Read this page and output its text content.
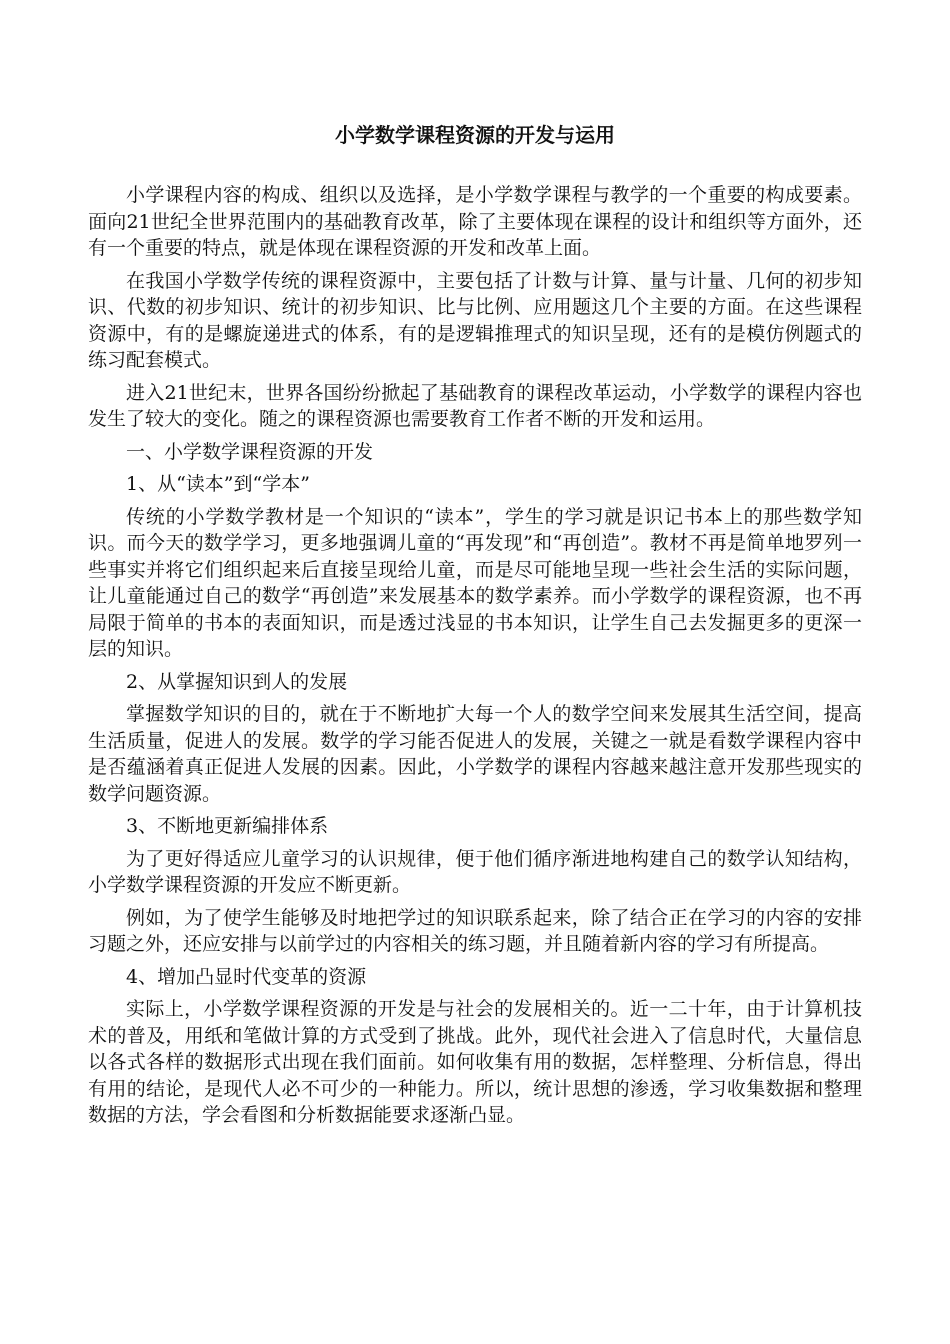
小学数学课程资源的开发与运用

小学课程内容的构成、组织以及选择，是小学数学课程与教学的一个重要的构成要素。面向21世纪全世界范围内的基础教育改革，除了主要体现在课程的设计和组织等方面外，还有一个重要的特点，就是体现在课程资源的开发和改革上面。

在我国小学数学传统的课程资源中，主要包括了计数与计算、量与计量、几何的初步知识、代数的初步知识、统计的初步知识、比与比例、应用题这几个主要的方面。在这些课程资源中，有的是螺旋递进式的体系，有的是逻辑推理式的知识呈现，还有的是模仿例题式的练习配套模式。

进入21世纪末，世界各国纷纷掀起了基础教育的课程改革运动，小学数学的课程内容也发生了较大的变化。随之的课程资源也需要教育工作者不断的开发和运用。

一、小学数学课程资源的开发

1、从“读本”到“学本”

传统的小学数学教材是一个知识的“读本”，学生的学习就是识记书本上的那些数学知识。而今天的数学学习，更多地强调儿童的“再发现”和“再创造”。教材不再是简单地罗列一些事实并将它们组织起来后直接呈现给儿童，而是尽可能地呈现一些社会生活的实际问题，让儿童能通过自己的数学“再创造”来发展基本的数学素养。而小学数学的课程资源，也不再局限于简单的书本的表面知识，而是透过浅显的书本知识，让学生自己去发掘更多的更深一层的知识。

2、从掌握知识到人的发展

掌握数学知识的目的，就在于不断地扩大每一个人的数学空间来发展其生活空间，提高生活质量，促进人的发展。数学的学习能否促进人的发展，关键之一就是看数学课程内容中是否蕴涵着真正促进人发展的因素。因此，小学数学的课程内容越来越注意开发那些现实的数学问题资源。

3、不断地更新编排体系

为了更好得适应儿童学习的认识规律，便于他们循序渐进地构建自己的数学认知结构，小学数学课程资源的开发应不断更新。

例如，为了使学生能够及时地把学过的知识联系起来，除了结合正在学习的内容的安排习题之外，还应安排与以前学过的内容相关的练习题，并且随着新内容的学习有所提高。

4、增加凸显时代变革的资源

实际上，小学数学课程资源的开发是与社会的发展相关的。近一二十年，由于计算机技术的普及，用纸和笔做计算的方式受到了挑战。此外，现代社会进入了信息时代，大量信息以各式各样的数据形式出现在我们面前。如何收集有用的数据，怎样整理、分析信息，得出有用的结论，是现代人必不可少的一种能力。所以，统计思想的渗透，学习收集数据和整理数据的方法，学会看图和分析数据能要求逐渐凸显。
